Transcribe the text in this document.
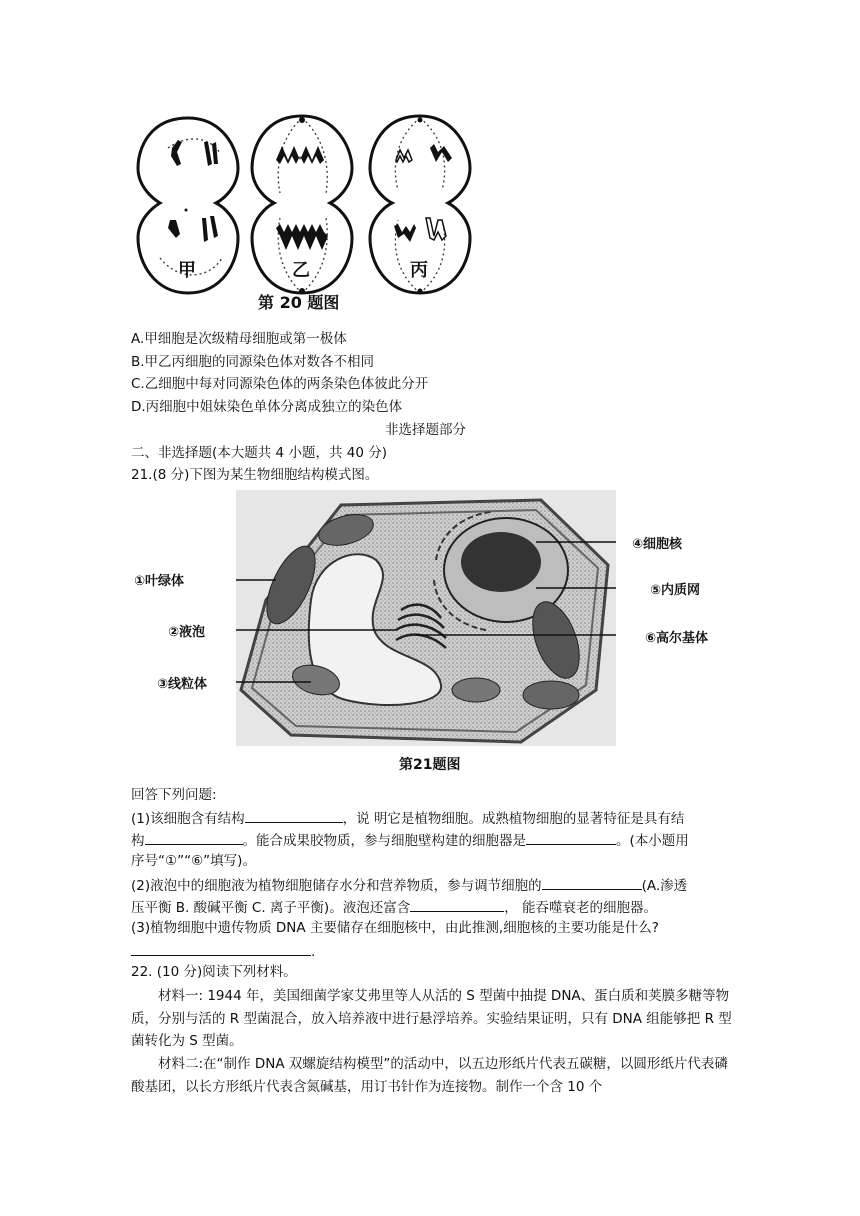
甲	乙	丙
第 20 题图
A.甲细胞是次级精母细胞或第一极体
B.甲乙丙细胞的同源染色体对数各不相同
C.乙细胞中每对同源染色体的两条染色体彼此分开
D.丙细胞中姐妹染色单体分离成独立的染色体
非选择题部分
二、非选择题(本大题共 4 小题，共 40 分)
21.(8 分)下图为某生物细胞结构模式图。
①叶绿体
②液泡
③线粒体
④细胞核
⑤内质网
⑥高尔基体
第21题图
回答下列问题:
(1)该细胞含有结构	，说 明它是植物细胞。成熟植物细胞的显著特征是具有结
构	。能合成果胶物质，参与细胞壁构建的细胞器是	。(本小题用
序号“①”“⑥”填写)。
(2)液泡中的细胞液为植物细胞储存水分和营养物质，参与调节细胞的	(A.渗透
压平衡 B. 酸碱平衡 C. 离子平衡)。液泡还富含	， 能吞噬衰老的细胞器。
(3)植物细胞中遗传物质 DNA 主要储存在细胞核中，由此推测,细胞核的主要功能是什么?
.
22. (10 分)阅读下列材料。
材料一: 1944 年，美国细菌学家艾弗里等人从活的 S 型菌中抽提 DNA、蛋白质和荚膜多糖等物质，分别与活的 R 型菌混合，放入培养液中进行悬浮培养。实验结果证明，只有 DNA 组能够把 R 型菌转化为 S 型菌。
材料二:在“制作 DNA 双螺旋结构模型”的活动中，以五边形纸片代表五碳糖，以圆形纸片代表磷酸基团，以长方形纸片代表含氮碱基，用订书针作为连接物。制作一个含 10 个
